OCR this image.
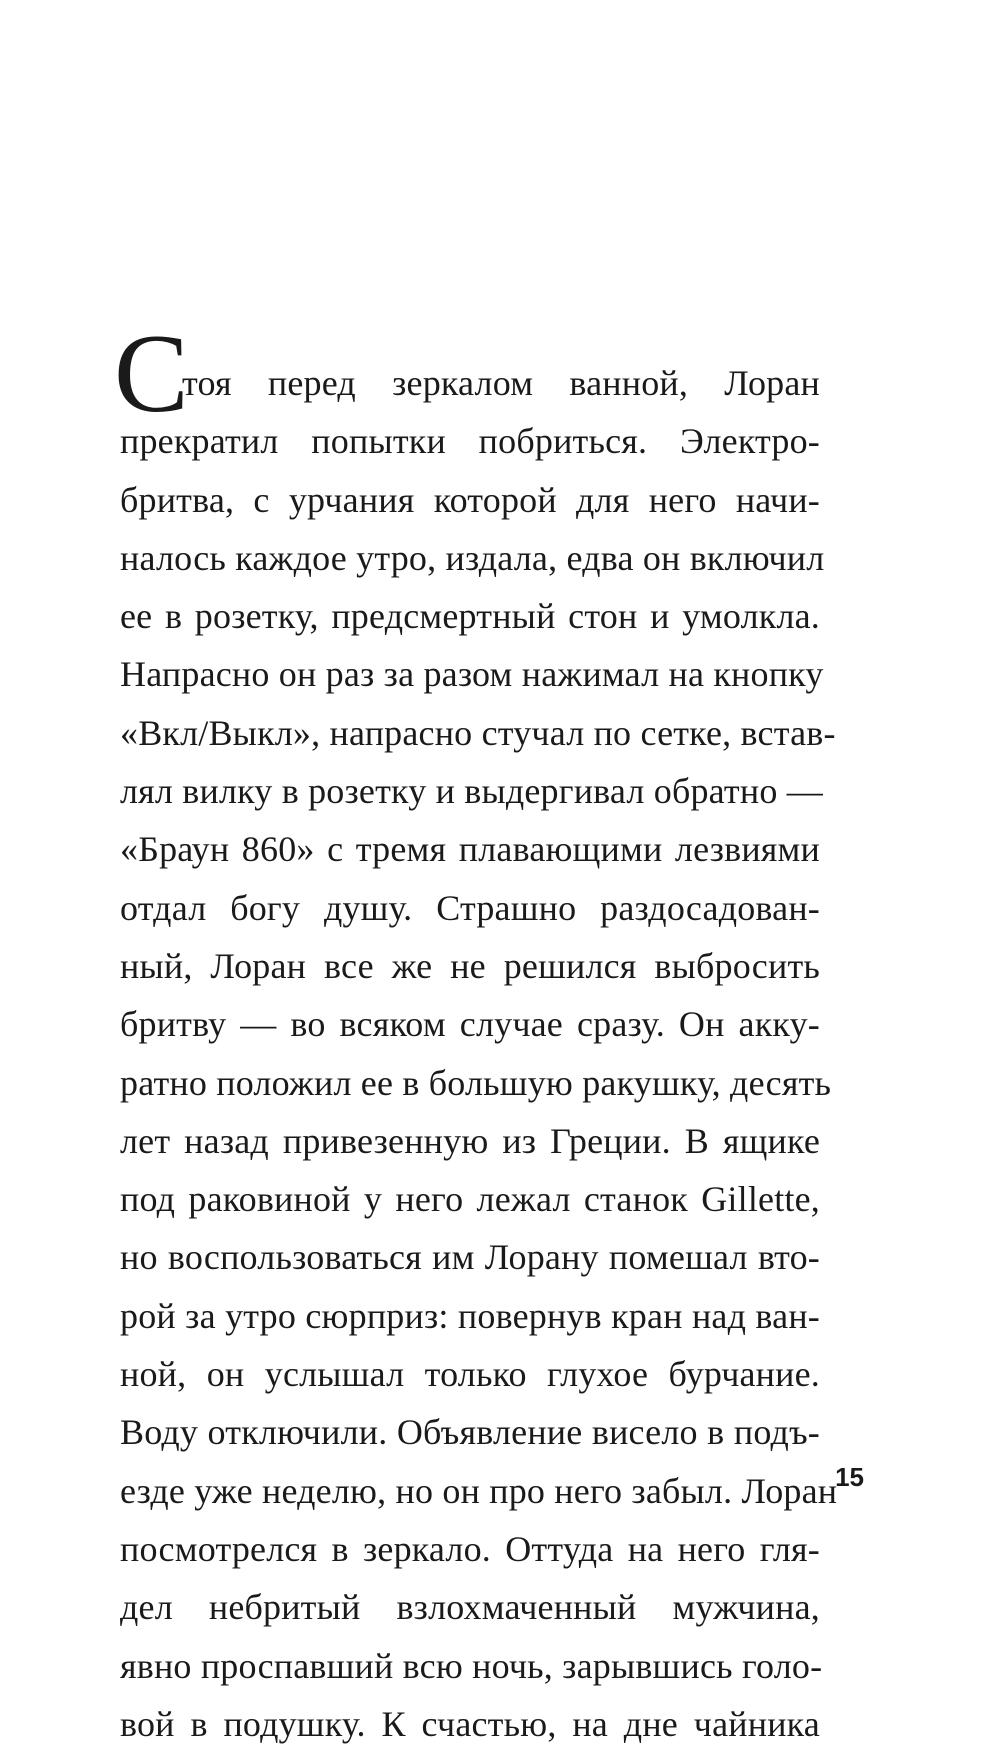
С
тоя перед зеркалом ванной, Лоран
прекратил попытки побриться. Электро-
бритва, с урчания которой для него начи-
налось каждое утро, издала, едва он включил
ее в розетку, предсмертный стон и умолкла.
Напрасно он раз за разом нажимал на кнопку
«Вкл/Выкл», напрасно стучал по сетке, встав-
лял вилку в розетку и выдергивал обратно —
«Браун 860» с тремя плавающими лезвиями
отдал богу душу. Страшно раздосадован-
ный, Лоран все же не решился выбросить
бритву — во всяком случае сразу. Он акку-
ратно положил ее в большую ракушку, десять
лет назад привезенную из Греции. В ящике
под раковиной у него лежал станок Gillette,
но воспользоваться им Лорану помешал вто-
рой за утро сюрприз: повернув кран над ван-
ной, он услышал только глухое бурчание.
Воду отключили. Объявление висело в подъ-
езде уже неделю, но он про него забыл. Лоран
посмотрелся в зеркало. Оттуда на него гля-
дел небритый взлохмаченный мужчина,
явно проспавший всю ночь, зарывшись голо-
вой в подушку. К счастью, на дне чайника
15
